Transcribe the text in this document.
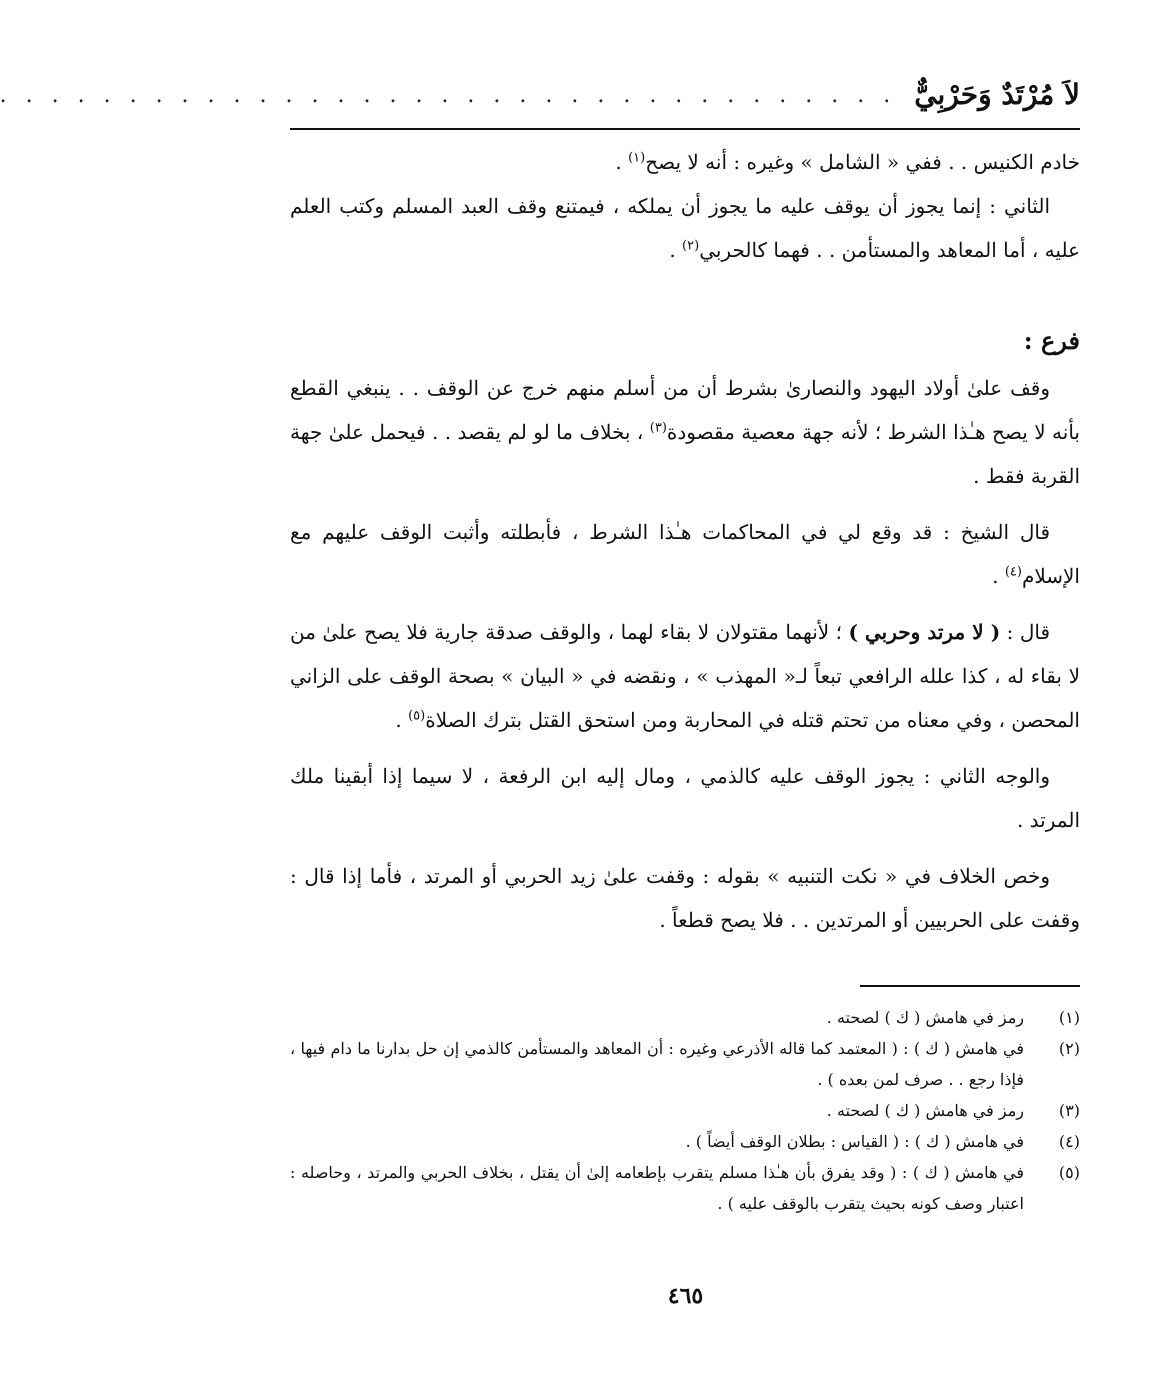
لاَ مُرْتَدٌ وَحَرْبِيٌّ
. . . . . . . . . . . . . . . . . . . . . . . . . . . . . . . . . . .

خادم الكنيس . . ففي « الشامل » وغيره : أنه لا يصح$^{(١)}$ .

الثاني : إنما يجوز أن يوقف عليه ما يجوز أن يملكه ، فيمتنع وقف العبد المسلم وكتب العلم عليه ، أما المعاهد والمستأمن . . فهما كالحربي$^{(٢)}$ .

فرع :

وقف علىٰ أولاد اليهود والنصارىٰ بشرط أن من أسلم منهم خرج عن الوقف . . ينبغي القطع بأنه لا يصح هـٰذا الشرط ؛ لأنه جهة معصية مقصودة$^{(٣)}$ ، بخلاف ما لو لم يقصد . . فيحمل علىٰ جهة القربة فقط .

قال الشيخ : قد وقع لي في المحاكمات هـٰذا الشرط ، فأبطلته وأثبت الوقف عليهم مع الإسلام$^{(٤)}$ .

قال : ( لا مرتد وحربي ) ؛ لأنهما مقتولان لا بقاء لهما ، والوقف صدقة جارية فلا يصح علىٰ من لا بقاء له ، كذا علله الرافعي تبعاً لـ« المهذب » ، ونقضه في « البيان » بصحة الوقف على الزاني المحصن ، وفي معناه من تحتم قتله في المحاربة ومن استحق القتل بترك الصلاة$^{(٥)}$ .

والوجه الثاني : يجوز الوقف عليه كالذمي ، ومال إليه ابن الرفعة ، لا سيما إذا أبقينا ملك المرتد .

وخص الخلاف في « نكت التنبيه » بقوله : وقفت علىٰ زيد الحربي أو المرتد ، فأما إذا قال : وقفت على الحربيين أو المرتدين . . فلا يصح قطعاً .

(١)
رمز في هامش ( ك ) لصحته .

(٢)
في هامش ( ك ) : ( المعتمد كما قاله الأذرعي وغيره : أن المعاهد والمستأمن كالذمي إن حل بدارنا ما دام فيها ، فإذا رجع . . صرف لمن بعده ) .

(٣)
رمز في هامش ( ك ) لصحته .

(٤)
في هامش ( ك ) : ( القياس : بطلان الوقف أيضاً ) .

(٥)
في هامش ( ك ) : ( وقد يفرق بأن هـٰذا مسلم يتقرب بإطعامه إلىٰ أن يقتل ، بخلاف الحربي والمرتد ، وحاصله : اعتبار وصف كونه بحيث يتقرب بالوقف عليه ) .

٤٦٥
